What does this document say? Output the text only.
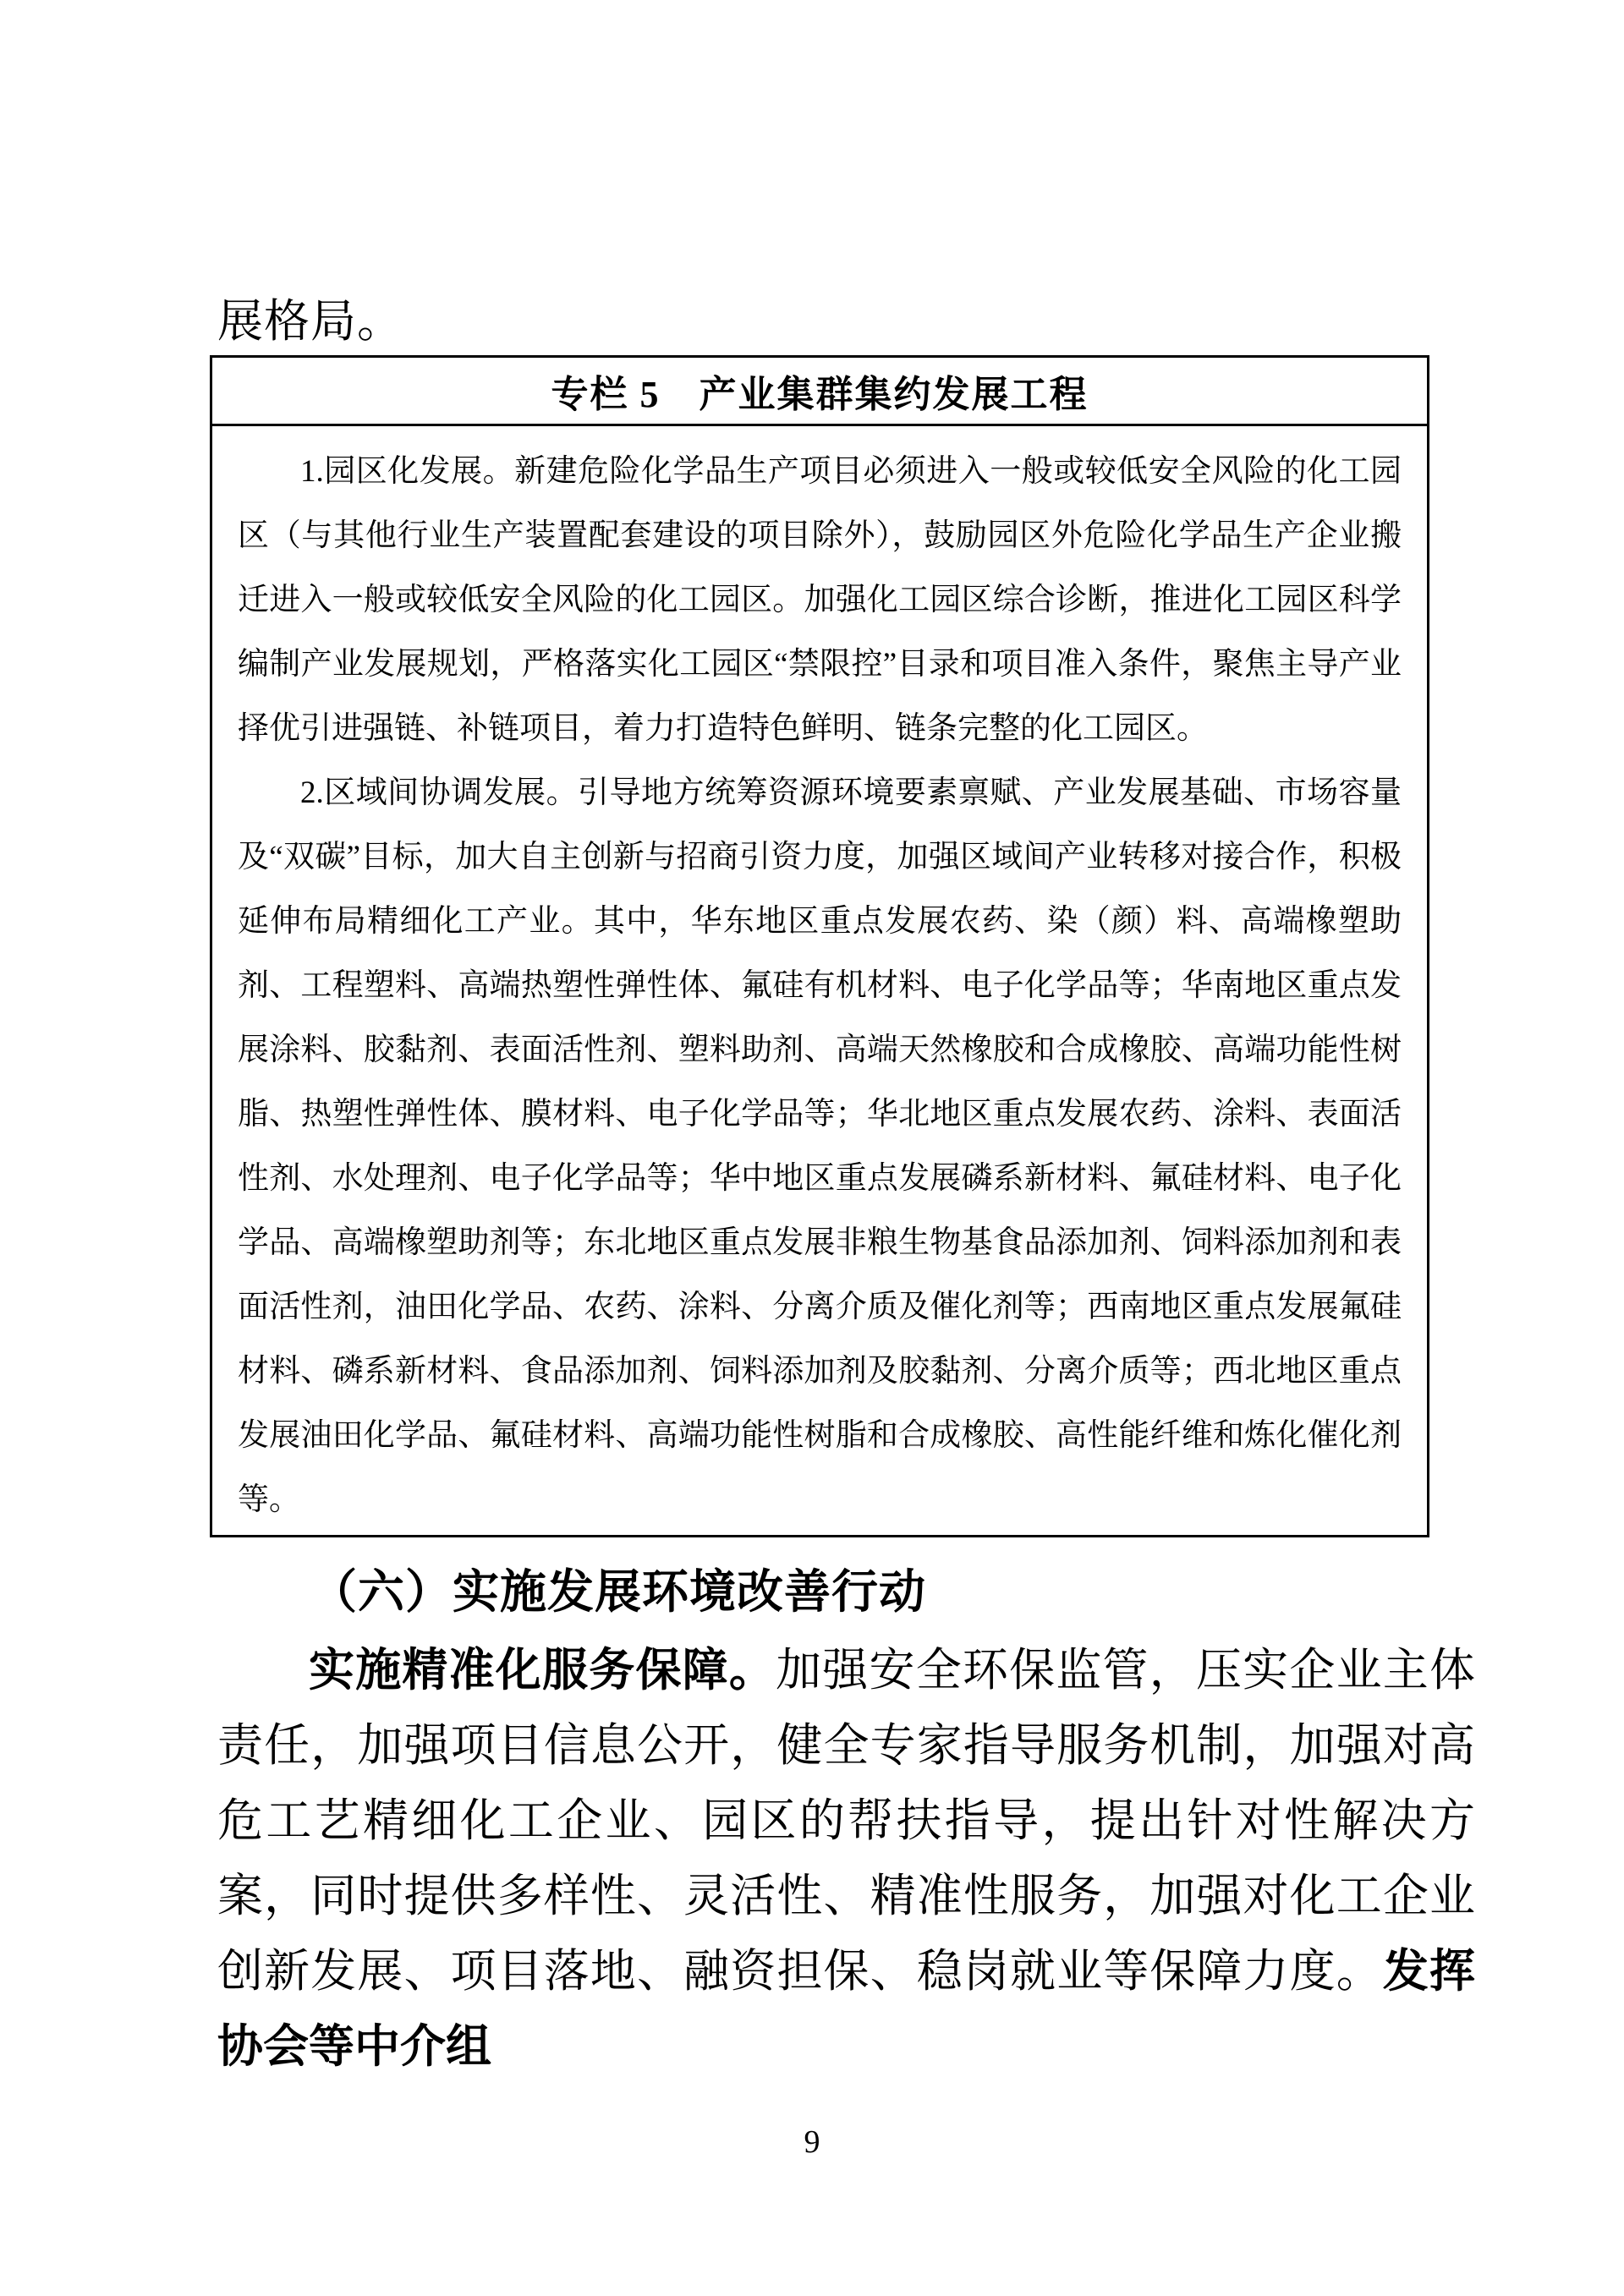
展格局。

专栏 5　产业集群集约发展工程

1.园区化发展。新建危险化学品生产项目必须进入一般或较低安全风险的化工园区（与其他行业生产装置配套建设的项目除外），鼓励园区外危险化学品生产企业搬迁进入一般或较低安全风险的化工园区。加强化工园区综合诊断，推进化工园区科学编制产业发展规划，严格落实化工园区“禁限控”目录和项目准入条件，聚焦主导产业择优引进强链、补链项目，着力打造特色鲜明、链条完整的化工园区。

2.区域间协调发展。引导地方统筹资源环境要素禀赋、产业发展基础、市场容量及“双碳”目标，加大自主创新与招商引资力度，加强区域间产业转移对接合作，积极延伸布局精细化工产业。其中，华东地区重点发展农药、染（颜）料、高端橡塑助剂、工程塑料、高端热塑性弹性体、氟硅有机材料、电子化学品等；华南地区重点发展涂料、胶黏剂、表面活性剂、塑料助剂、高端天然橡胶和合成橡胶、高端功能性树脂、热塑性弹性体、膜材料、电子化学品等；华北地区重点发展农药、涂料、表面活性剂、水处理剂、电子化学品等；华中地区重点发展磷系新材料、氟硅材料、电子化学品、高端橡塑助剂等；东北地区重点发展非粮生物基食品添加剂、饲料添加剂和表面活性剂，油田化学品、农药、涂料、分离介质及催化剂等；西南地区重点发展氟硅材料、磷系新材料、食品添加剂、饲料添加剂及胶黏剂、分离介质等；西北地区重点发展油田化学品、氟硅材料、高端功能性树脂和合成橡胶、高性能纤维和炼化催化剂等。

（六）实施发展环境改善行动

实施精准化服务保障。加强安全环保监管，压实企业主体责任，加强项目信息公开，健全专家指导服务机制，加强对高危工艺精细化工企业、园区的帮扶指导，提出针对性解决方案，同时提供多样性、灵活性、精准性服务，加强对化工企业创新发展、项目落地、融资担保、稳岗就业等保障力度。发挥协会等中介组

9
